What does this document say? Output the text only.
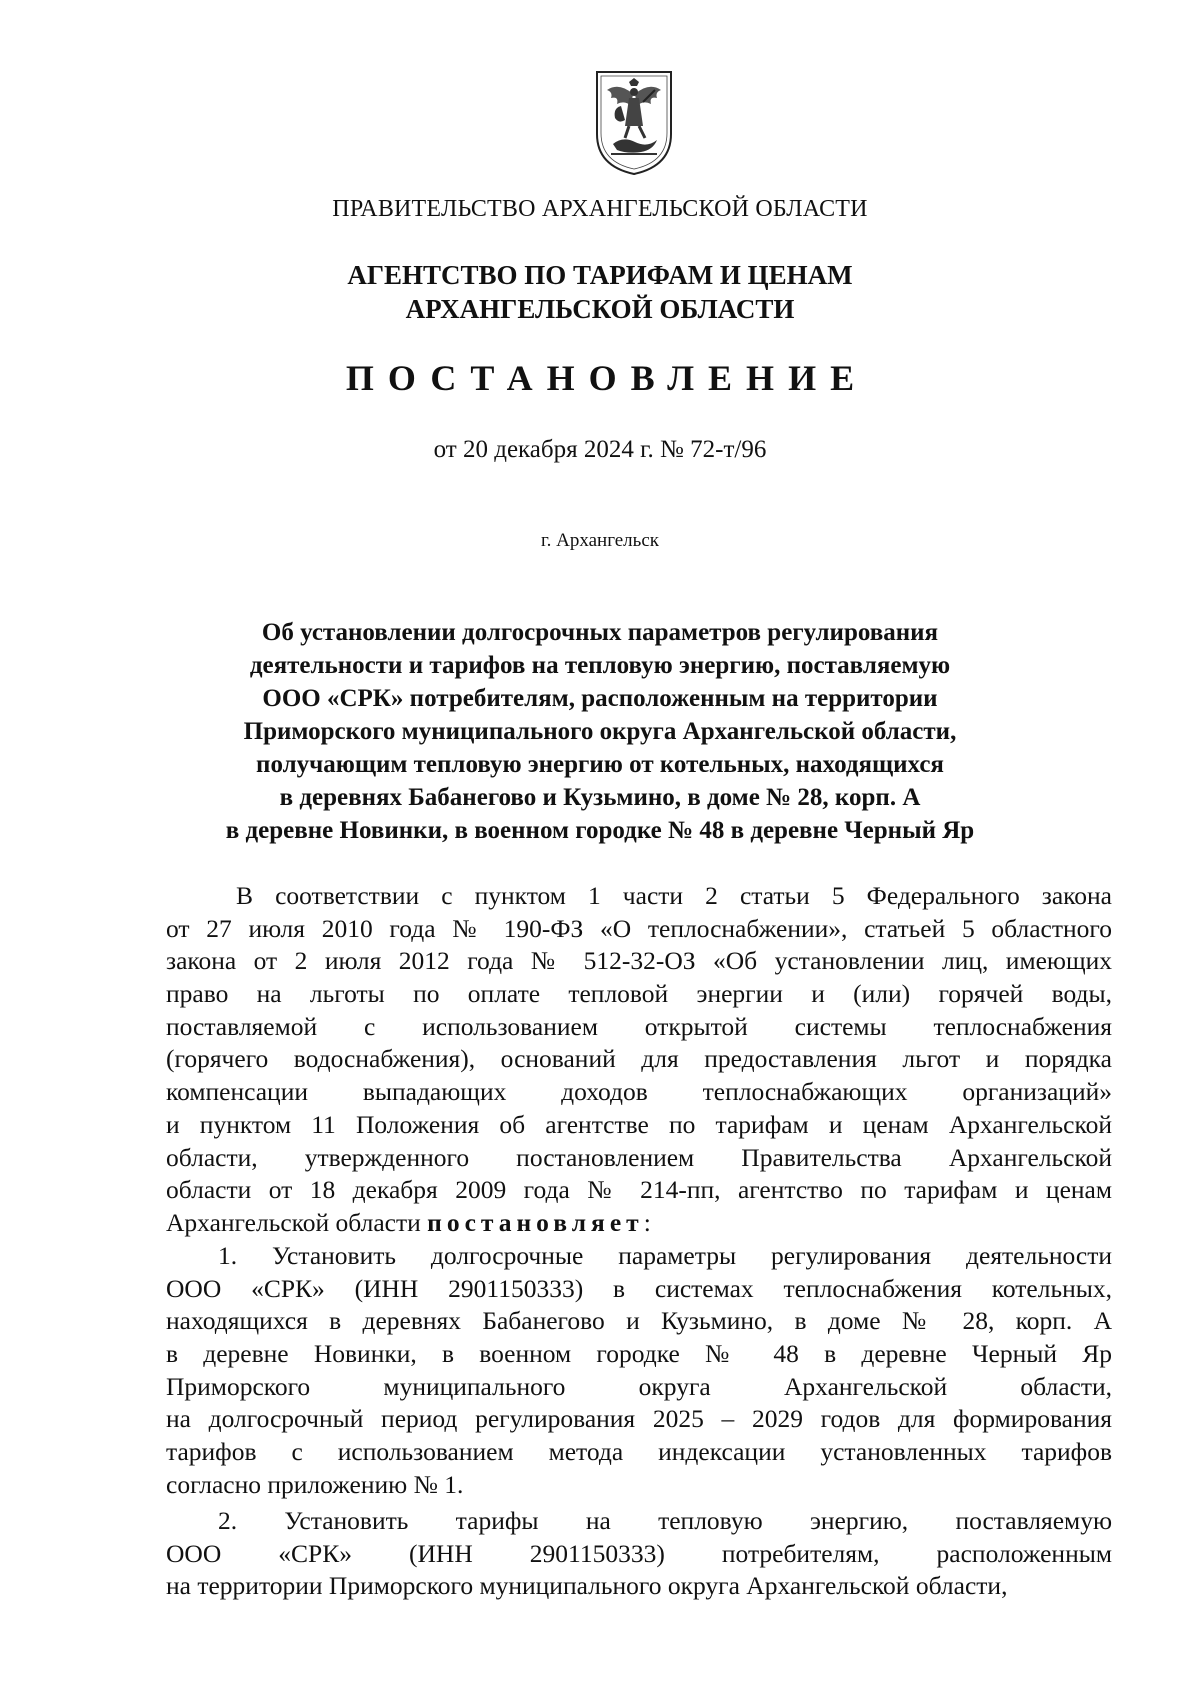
ПРАВИТЕЛЬСТВО АРХАНГЕЛЬСКОЙ ОБЛАСТИ
АГЕНТСТВО ПО ТАРИФАМ И ЦЕНАМ
АРХАНГЕЛЬСКОЙ ОБЛАСТИ
ПОСТАНОВЛЕНИЕ
от 20 декабря 2024 г. № 72-т/96
г. Архангельск
Об установлении долгосрочных параметров регулирования
деятельности и тарифов на тепловую энергию, поставляемую
ООО «СРК» потребителям, расположенным на территории
Приморского муниципального округа Архангельской области,
получающим тепловую энергию от котельных, находящихся
в деревнях Бабанегово и Кузьмино, в доме № 28, корп. А
в деревне Новинки, в военном городке № 48 в деревне Черный Яр
В соответствии с пунктом 1 части 2 статьи 5 Федерального закона
от 27 июля 2010 года № 190-ФЗ «О теплоснабжении», статьей 5 областного
закона от 2 июля 2012 года № 512-32-ОЗ «Об установлении лиц, имеющих
право на льготы по оплате тепловой энергии и (или) горячей воды,
поставляемой с использованием открытой системы теплоснабжения
(горячего водоснабжения), оснований для предоставления льгот и порядка
компенсации выпадающих доходов теплоснабжающих организаций»
и пунктом 11 Положения об агентстве по тарифам и ценам Архангельской
области, утвержденного постановлением Правительства Архангельской
области от 18 декабря 2009 года № 214-пп, агентство по тарифам и ценам
Архангельской области постановляет:
1. Установить долгосрочные параметры регулирования деятельности
ООО «СРК» (ИНН 2901150333) в системах теплоснабжения котельных,
находящихся в деревнях Бабанегово и Кузьмино, в доме № 28, корп. А
в деревне Новинки, в военном городке № 48 в деревне Черный Яр
Приморского муниципального округа Архангельской области,
на долгосрочный период регулирования 2025 – 2029 годов для формирования
тарифов с использованием метода индексации установленных тарифов
согласно приложению № 1.
2. Установить тарифы на тепловую энергию, поставляемую
ООО «СРК» (ИНН 2901150333) потребителям, расположенным
на территории Приморского муниципального округа Архангельской области,
